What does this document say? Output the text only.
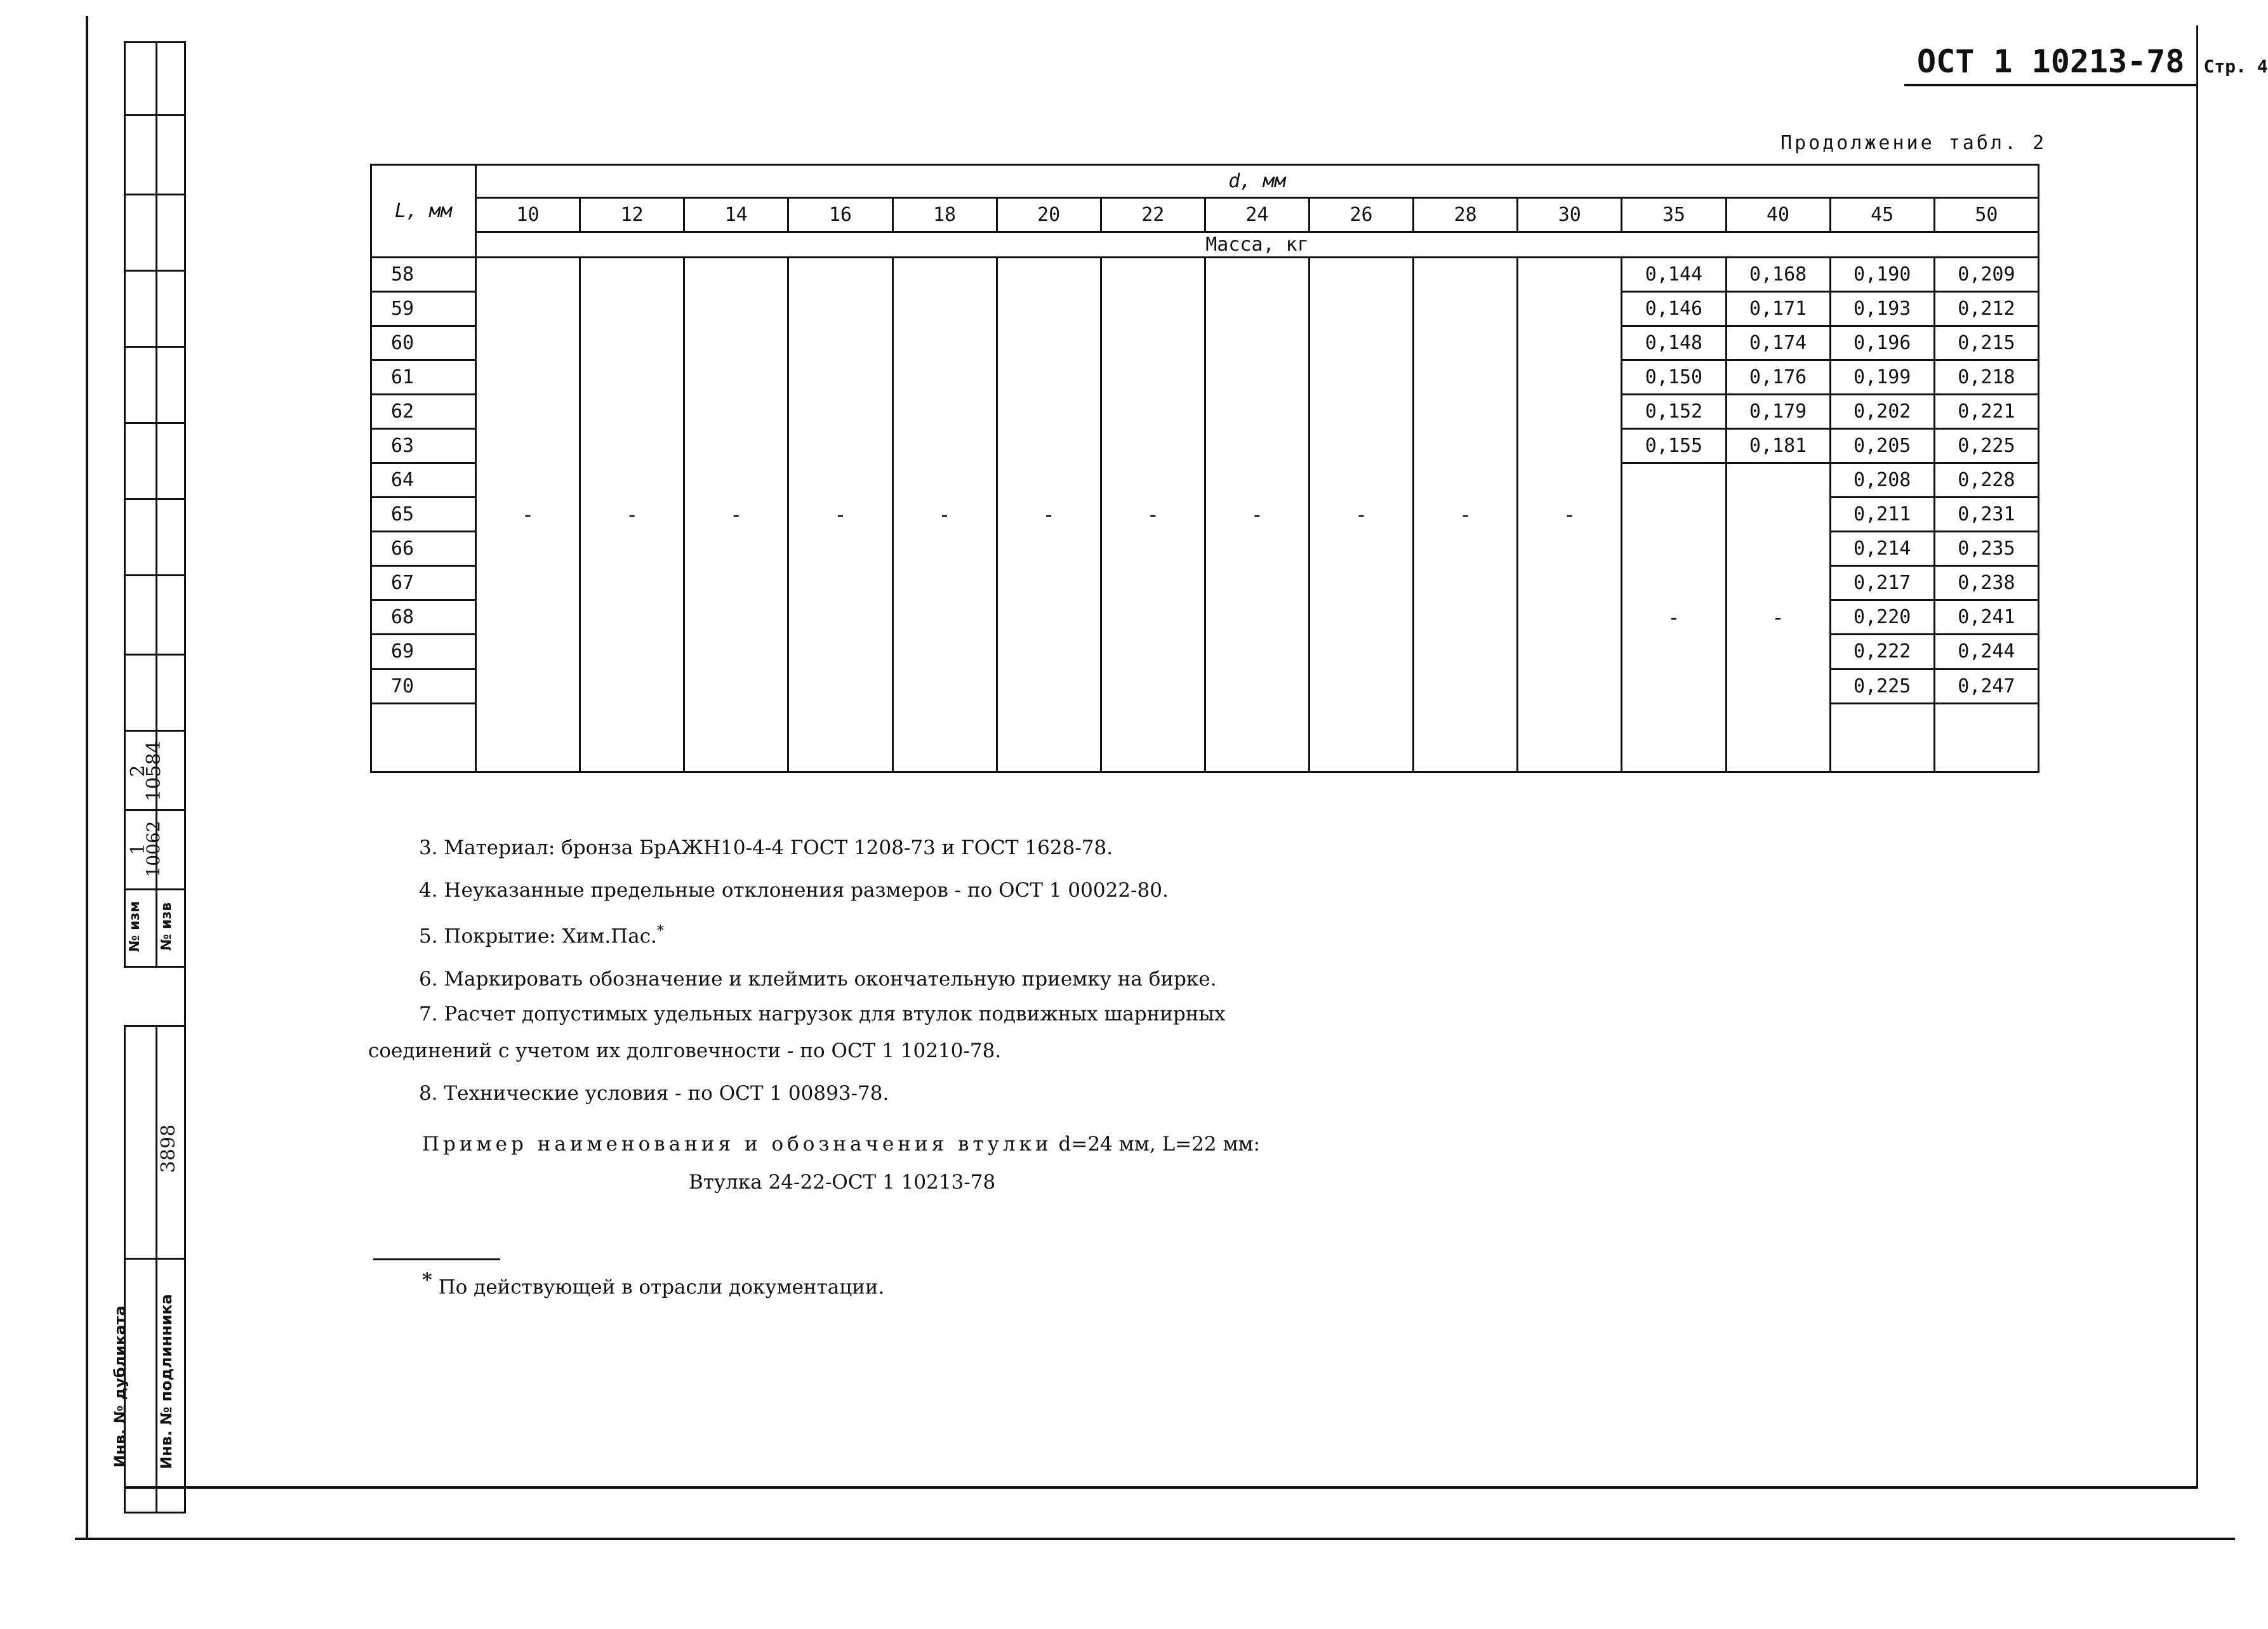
1
2
10062
10584
№ изм	№ изв
3898
Инв. № дубликата	Инв. № подлинника
ОСТ 1 10213-78 Стр. 4
Продолжение табл. 2
L, мм	d, мм														
	10	12	14	16	18	20	22	24	26	28	30	35	40	45	50
	Масса, кг														
58	-	-	-	-	-	-	-	-	-	-	-	0,144	0,168	0,190	0,209
59												0,146	0,171	0,193	0,212
60												0,148	0,174	0,196	0,215
61												0,150	0,176	0,199	0,218
62												0,152	0,179	0,202	0,221
63												0,155	0,181	0,205	0,225
64												-	-	0,208	0,228
65														0,211	0,231
66														0,214	0,235
67														0,217	0,238
68														0,220	0,241
69														0,222	0,244
70														0,225	0,247

3. Материал: бронза БрАЖН10-4-4 ГОСТ 1208-73 и ГОСТ 1628-78.
4. Неуказанные предельные отклонения размеров - по ОСТ 1 00022-80.
5. Покрытие: Хим.Пас.*
6. Маркировать обозначение и клеймить окончательную приемку на бирке.
7. Расчет допустимых удельных нагрузок для втулок подвижных шарнирных
соединений с учетом их долговечности - по ОСТ 1 10210-78.
8. Технические условия - по ОСТ 1 00893-78.
Пример наименования и обозначения втулки d=24 мм, L=22 мм:
Втулка 24-22-ОСТ 1 10213-78
* По действующей в отрасли документации.
